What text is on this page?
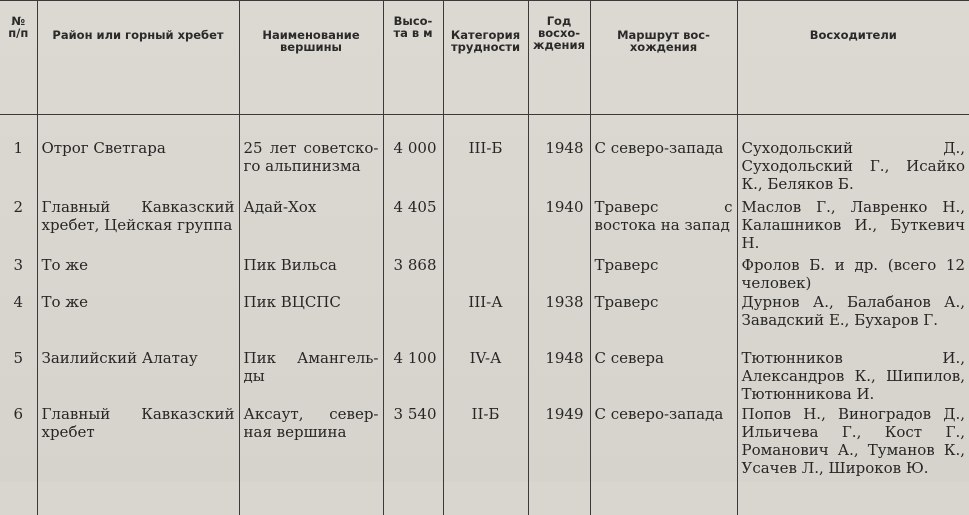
№ п/п	Район или горный хребет	Наименование вершины	Высо-та в м	Категория трудности	Год восхо-ждения	Маршрут вос-хождения	Восходители

1	Отрог Светгара	25 лет советско-го альпинизма	4 000	III-Б	1948	С северо-запада	Суходольский Д., Суходольский Г., Исайко К., Беляков Б.
2	Главный Кавказский хребет, Цейская группа	Адай-Хох	4 405		1940	Траверс с востока на запад	Маслов Г., Лавренко Н., Калашников И., Буткевич Н.
3	То же	Пик Вильса	3 868			Траверс	Фролов Б. и др. (всего 12 человек)
4	То же	Пик ВЦСПС		III-А	1938	Траверс	Дурнов А., Балабанов А., Завадский Е., Бухаров Г.
5	Заилийский Алатау	Пик Амангель-ды	4 100	IV-А	1948	С севера	Тютюнников И., Александров К., Шипилов, Тютюнникова И.
6	Главный Кавказский хребет	Аксаут, север-ная вершина	3 540	II-Б	1949	С северо-запада	Попов Н., Виноградов Д., Ильичева Г., Кост Г., Романович А., Туманов К., Усачев Л., Широков Ю.
